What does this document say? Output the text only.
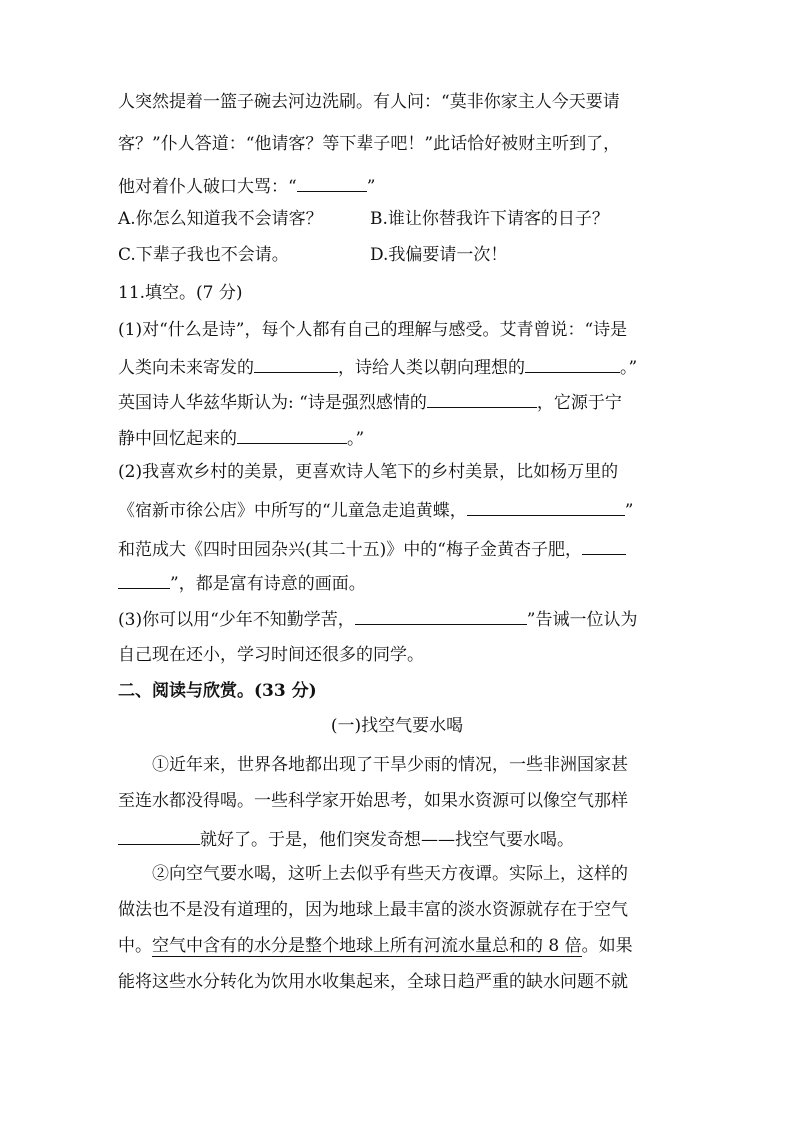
人突然提着一篮子碗去河边洗刷。有人问：“莫非你家主人今天要请
客？”仆人答道：“他请客？等下辈子吧！”此话恰好被财主听到了，
他对着仆人破口大骂：“	”
A.你怎么知道我不会请客？	B.谁让你替我许下请客的日子？
C.下辈子我也不会请。	D.我偏要请一次！
11.填空。(7 分)
(1)对“什么是诗”，每个人都有自己的理解与感受。艾青曾说：“诗是
人类向未来寄发的	，诗给人类以朝向理想的	。”
英国诗人华兹华斯认为: “诗是强烈感情的	，它源于宁
静中回忆起来的	。”
(2)我喜欢乡村的美景，更喜欢诗人笔下的乡村美景，比如杨万里的
《宿新市徐公店》中所写的“儿童急走追黄蝶，	”
和范成大《四时田园杂兴(其二十五)》中的“梅子金黄杏子肥，
”，都是富有诗意的画面。
(3)你可以用“少年不知勤学苦，	”告诫一位认为
自己现在还小，学习时间还很多的同学。
二、阅读与欣赏。(33 分)
(一)找空气要水喝
①近年来，世界各地都出现了干旱少雨的情况，一些非洲国家甚
至连水都没得喝。一些科学家开始思考，如果水资源可以像空气那样
就好了。于是，他们突发奇想——找空气要水喝。
②向空气要水喝，这听上去似乎有些天方夜谭。实际上，这样的
做法也不是没有道理的，因为地球上最丰富的淡水资源就存在于空气
中。空气中含有的水分是整个地球上所有河流水量总和的 8 倍。如果
能将这些水分转化为饮用水收集起来，全球日趋严重的缺水问题不就
